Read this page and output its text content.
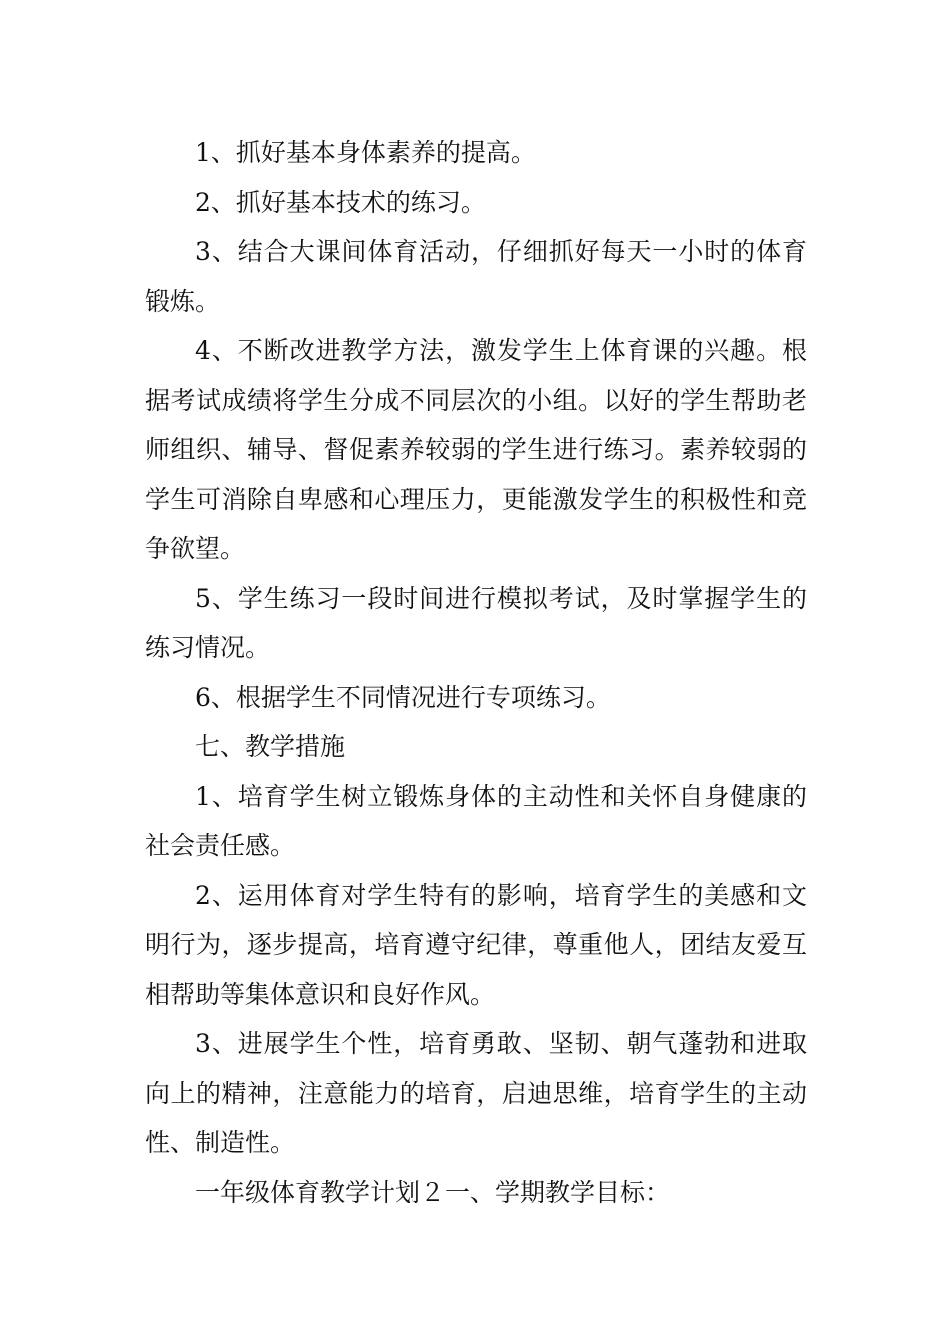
1、抓好基本身体素养的提高。

2、抓好基本技术的练习。

3、结合大课间体育活动，仔细抓好每天一小时的体育锻炼。

4、不断改进教学方法，激发学生上体育课的兴趣。根据考试成绩将学生分成不同层次的小组。以好的学生帮助老师组织、辅导、督促素养较弱的学生进行练习。素养较弱的学生可消除自卑感和心理压力，更能激发学生的积极性和竞争欲望。

5、学生练习一段时间进行模拟考试，及时掌握学生的练习情况。

6、根据学生不同情况进行专项练习。

七、教学措施

1、培育学生树立锻炼身体的主动性和关怀自身健康的社会责任感。

2、运用体育对学生特有的影响，培育学生的美感和文明行为，逐步提高，培育遵守纪律，尊重他人，团结友爱互相帮助等集体意识和良好作风。

3、进展学生个性，培育勇敢、坚韧、朝气蓬勃和进取向上的精神，注意能力的培育，启迪思维，培育学生的主动性、制造性。

一年级体育教学计划２一、学期教学目标：
